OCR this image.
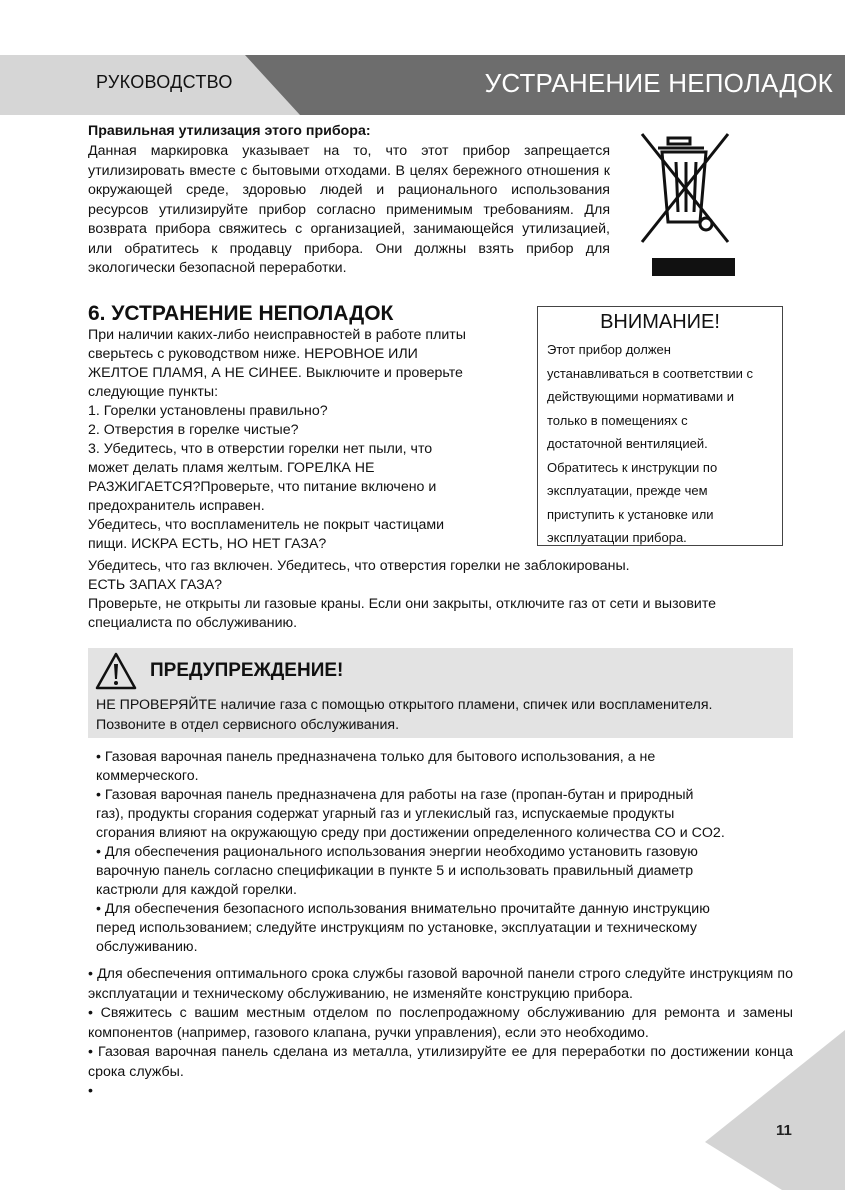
РУКОВОДСТВО	УСТРАНЕНИЕ НЕПОЛАДОК
Правильная утилизация этого прибора:
Данная маркировка указывает на то, что этот прибор запрещается утилизировать вместе с бытовыми отходами. В целях бережного отношения к окружающей среде, здоровью людей и рационального использования ресурсов утилизируйте прибор согласно применимым требованиям. Для возврата прибора свяжитесь с организацией, занимающейся утилизацией, или обратитесь к продавцу прибора. Они должны взять прибор для экологически безопасной переработки.
6. УСТРАНЕНИЕ НЕПОЛАДОК
При наличии каких-либо неисправностей в работе плиты
сверьтесь с руководством ниже. НЕРОВНОЕ ИЛИ
ЖЕЛТОЕ ПЛАМЯ, А НЕ СИНЕЕ. Выключите и проверьте
следующие пункты:
1. Горелки установлены правильно?
2. Отверстия в горелке чистые?
3. Убедитесь, что в отверстии горелки нет пыли, что
может делать пламя желтым. ГОРЕЛКА НЕ
РАЗЖИГАЕТСЯ?Проверьте, что питание включено и
предохранитель исправен.
Убедитесь, что воспламенитель не покрыт частицами
пищи. ИСКРА ЕСТЬ, НО НЕТ ГАЗА?
ВНИМАНИЕ!
Этот прибор должен
устанавливаться в соответствии с
действующими нормативами и
только в помещениях с
достаточной вентиляцией.
Обратитесь к инструкции по
эксплуатации, прежде чем
приступить к установке или
эксплуатации прибора.
Убедитесь, что газ включен. Убедитесь, что отверстия горелки не заблокированы.
ЕСТЬ ЗАПАХ ГАЗА?
Проверьте, не открыты ли газовые краны. Если они закрыты, отключите газ от сети и вызовите
специалиста по обслуживанию.
ПРЕДУПРЕЖДЕНИЕ!
НЕ ПРОВЕРЯЙТЕ наличие газа с помощью открытого пламени, спичек или воспламенителя.
Позвоните в отдел сервисного обслуживания.
• Газовая варочная панель предназначена только для бытового использования, а не
коммерческого.
• Газовая варочная панель предназначена для работы на газе (пропан-бутан и природный
газ), продукты сгорания содержат угарный газ и углекислый газ, испускаемые продукты
сгорания влияют на окружающую среду при достижении определенного количества CO и CO2.
• Для обеспечения рационального использования энергии необходимо установить газовую
варочную панель согласно спецификации в пункте 5 и использовать правильный диаметр
кастрюли для каждой горелки.
• Для обеспечения безопасного использования внимательно прочитайте данную инструкцию
перед использованием; следуйте инструкциям по установке, эксплуатации и техническому
обслуживанию.

• Для обеспечения оптимального срока службы газовой варочной панели строго следуйте инструкциям по эксплуатации и техническому обслуживанию, не изменяйте конструкцию прибора.

• Свяжитесь с вашим местным отделом по послепродажному обслуживанию для ремонта и замены компонентов (например, газового клапана, ручки управления), если это необходимо.

• Газовая варочная панель сделана из металла, утилизируйте ее для переработки по достижении конца срока службы.

•

11
